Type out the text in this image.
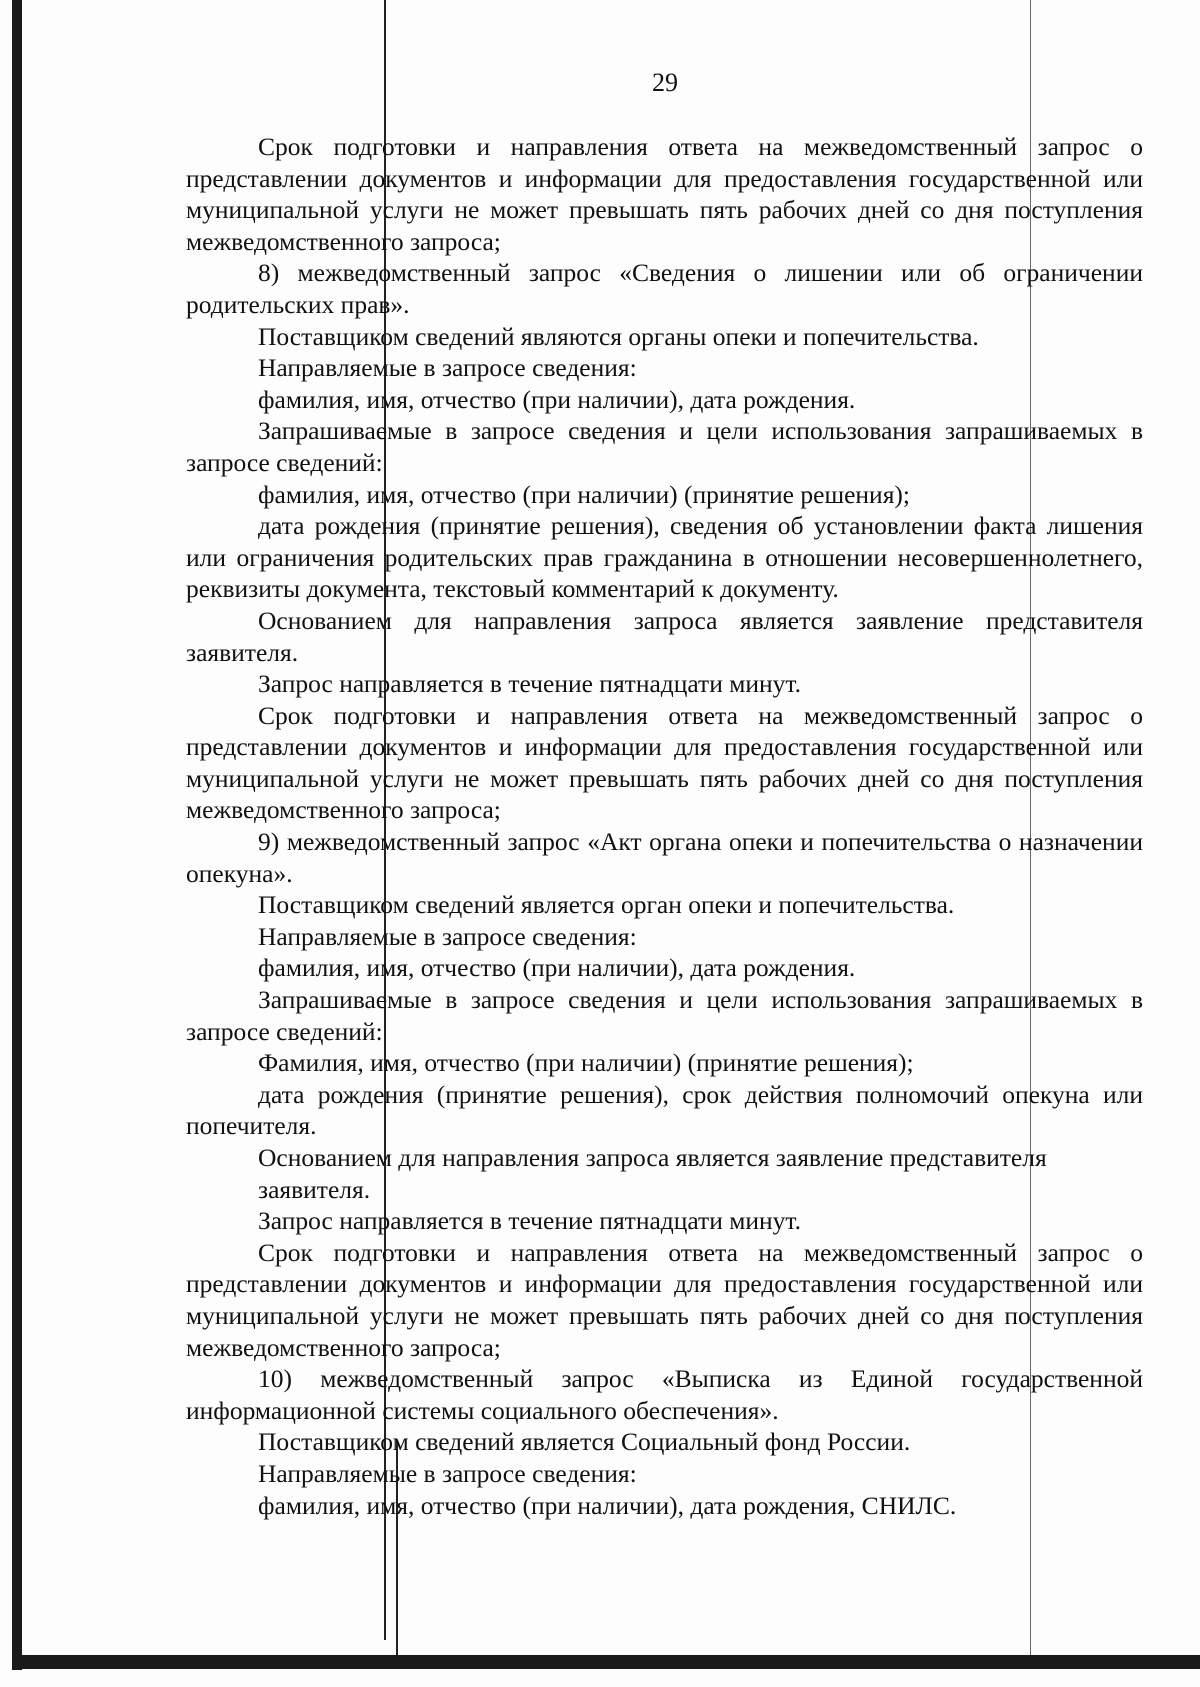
29

Срок подготовки и направления ответа на межведомственный запрос о представлении документов и информации для предоставления государственной или муниципальной услуги не может превышать пять рабочих дней со дня поступления межведомственного запроса;

8) межведомственный запрос «Сведения о лишении или об ограничении родительских прав».

Поставщиком сведений являются органы опеки и попечительства.

Направляемые в запросе сведения:

фамилия, имя, отчество (при наличии), дата рождения.

Запрашиваемые в запросе сведения и цели использования запрашиваемых в запросе сведений:

фамилия, имя, отчество (при наличии) (принятие решения);

дата рождения (принятие решения), сведения об установлении факта лишения или ограничения родительских прав гражданина в отношении несовершеннолетнего, реквизиты документа, текстовый комментарий к документу.

Основанием для направления запроса является заявление представителя заявителя.

Запрос направляется в течение пятнадцати минут.

Срок подготовки и направления ответа на межведомственный запрос о представлении документов и информации для предоставления государственной или муниципальной услуги не может превышать пять рабочих дней со дня поступления межведомственного запроса;

9) межведомственный запрос «Акт органа опеки и попечительства о назначении опекуна».

Поставщиком сведений является орган опеки и попечительства.

Направляемые в запросе сведения:

фамилия, имя, отчество (при наличии), дата рождения.

Запрашиваемые в запросе сведения и цели использования запрашиваемых в запросе сведений:

Фамилия, имя, отчество (при наличии) (принятие решения);

дата рождения (принятие решения), срок действия полномочий опекуна или попечителя.

Основанием для направления запроса является заявление представителя

заявителя.

Запрос направляется в течение пятнадцати минут.

Срок подготовки и направления ответа на межведомственный запрос о представлении документов и информации для предоставления государственной или муниципальной услуги не может превышать пять рабочих дней со дня поступления межведомственного запроса;

10) межведомственный запрос «Выписка из Единой государственной информационной системы социального обеспечения».

Поставщиком сведений является Социальный фонд России.

Направляемые в запросе сведения:

фамилия, имя, отчество (при наличии), дата рождения, СНИЛС.
